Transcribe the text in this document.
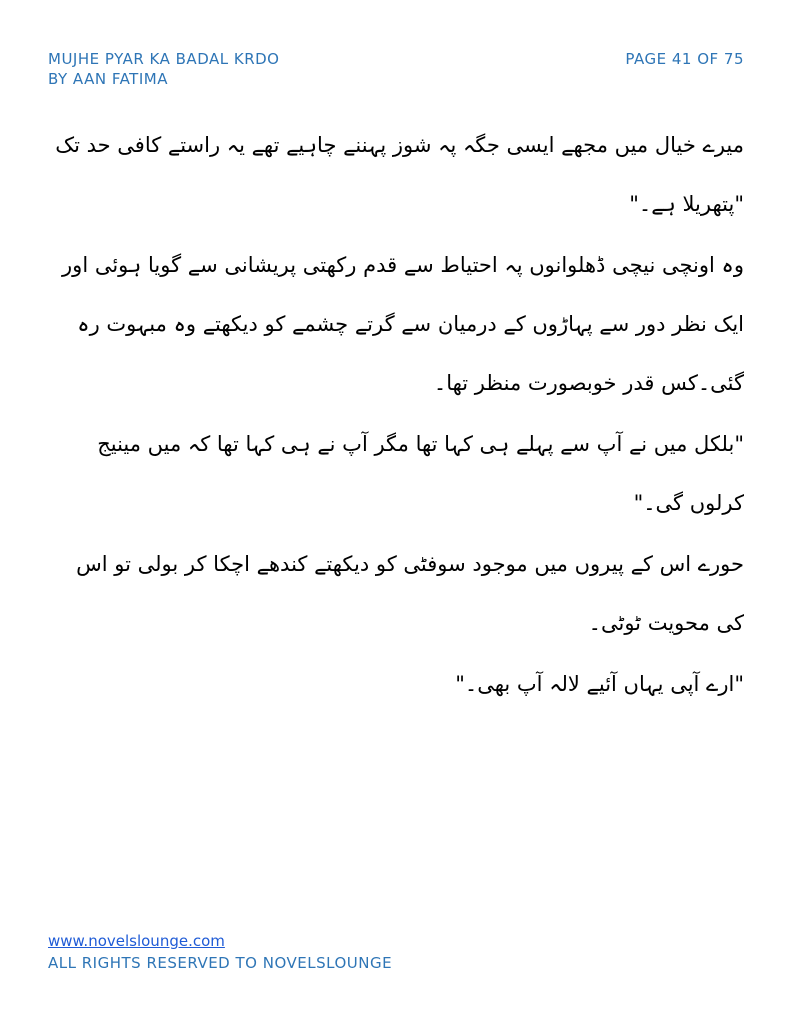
MUJHE PYAR KA BADAL KRDO
BY AAN FATIMA
PAGE 41 OF 75

میرے خیال میں مجھے ایسی جگہ پہ شوز پہننے چاہیے تھے یہ راستے کافی حد تک "پتھریلا ہے۔"

وہ اونچی نیچی ڈھلوانوں پہ احتیاط سے قدم رکھتی پریشانی سے گویا ہوئی اور ایک نظر دور سے پہاڑوں کے درمیان سے گرتے چشمے کو دیکھتے وہ مبہوت رہ گئی۔کس قدر خوبصورت منظر تھا۔

"بلکل میں نے آپ سے پہلے ہی کہا تھا مگر آپ نے ہی کہا تھا کہ میں مینیج کرلوں گی۔"

حورے اس کے پیروں میں موجود سوفٹی کو دیکھتے کندھے اچکا کر بولی تو اس کی محویت ٹوٹی۔

"ارے آپی یہاں آئیے لالہ آپ بھی۔"

www.novelslounge.com
ALL RIGHTS RESERVED TO NOVELSLOUNGE
